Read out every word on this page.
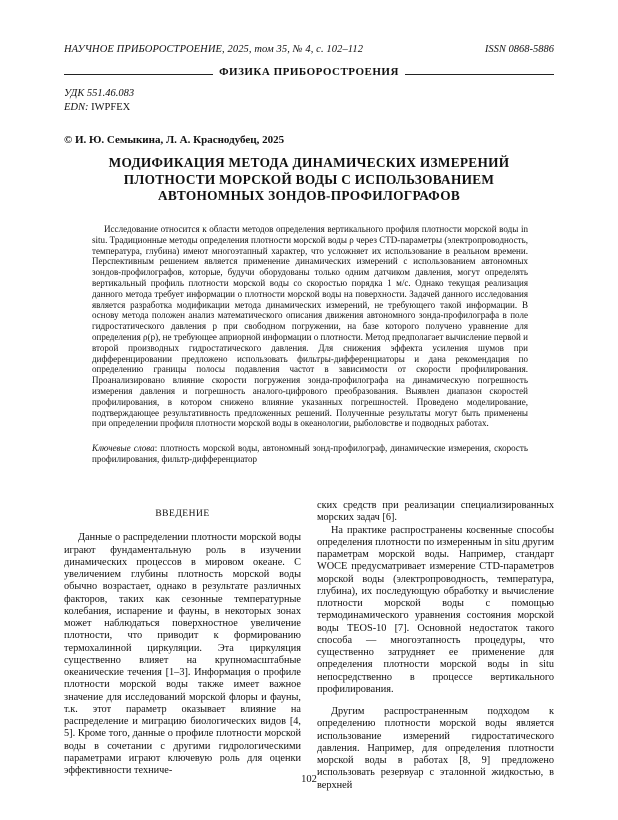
НАУЧНОЕ ПРИБОРОСТРОЕНИЕ, 2025, том 35, № 4, с. 102–112	ISSN 0868-5886
ФИЗИКА ПРИБОРОСТРОЕНИЯ
УДК 551.46.083
EDN: IWPFEX
© И. Ю. Семыкина, Л. А. Краснодубец, 2025
МОДИФИКАЦИЯ МЕТОДА ДИНАМИЧЕСКИХ ИЗМЕРЕНИЙ ПЛОТНОСТИ МОРСКОЙ ВОДЫ С ИСПОЛЬЗОВАНИЕМ АВТОНОМНЫХ ЗОНДОВ-ПРОФИЛОГРАФОВ
Исследование относится к области методов определения вертикального профиля плотности морской воды in situ. Традиционные методы определения плотности морской воды ρ через CTD-параметры (электропроводность, температура, глубина) имеют многоэтапный характер, что усложняет их использование в реальном времени. Перспективным решением является применение динамических измерений с использованием автономных зондов-профилографов, которые, будучи оборудованы только одним датчиком давления, могут определять вертикальный профиль плотности морской воды со скоростью порядка 1 м/с. Однако текущая реализация данного метода требует информации о плотности морской воды на поверхности. Задачей данного исследования является разработка модификации метода динамических измерений, не требующего такой информации. В основу метода положен анализ математического описания движения автономного зонда-профилографа в поле гидростатического давления p при свободном погружении, на базе которого получено уравнение для определения ρ(p), не требующее априорной информации о плотности. Метод предполагает вычисление первой и второй производных гидростатического давления. Для снижения эффекта усиления шумов при дифференцировании предложено использовать фильтры-дифференциаторы и дана рекомендация по определению границы полосы подавления частот в зависимости от скорости профилирования. Проанализировано влияние скорости погружения зонда-профилографа на динамическую погрешность измерения давления и погрешность аналого-цифрового преобразования. Выявлен диапазон скоростей профилирования, в котором снижено влияние указанных погрешностей. Проведено моделирование, подтверждающее результативность предложенных решений. Полученные результаты могут быть применены при определении профиля плотности морской воды в океанологии, рыболовстве и подводных работах.
Ключевые слова: плотность морской воды, автономный зонд-профилограф, динамические измерения, скорость профилирования, фильтр-дифференциатор
ВВЕДЕНИЕ

Данные о распределении плотности морской воды играют фундаментальную роль в изучении динамических процессов в мировом океане. С увеличением глубины плотность морской воды обычно возрастает, однако в результате различных факторов, таких как сезонные температурные колебания, испарение и фауны, в некоторых зонах может наблюдаться поверхностное увеличение плотности, что приводит к формированию термохалинной циркуляции. Эта циркуляция существенно влияет на крупномасштабные океанические течения [1–3]. Информация о профиле плотности морской воды также имеет важное значение для исследований морской флоры и фауны, т.к. этот параметр оказывает влияние на распределение и миграцию биологических видов [4, 5]. Кроме того, данные о профиле плотности морской воды в сочетании с другими гидрологическими параметрами играют ключевую роль для оценки эффективности техниче-

ских средств при реализации специализированных морских задач [6].

На практике распространены косвенные способы определения плотности по измеренным in situ другим параметрам морской воды. Например, стандарт WOCE предусматривает измерение CTD-параметров морской воды (электропроводность, температура, глубина), их последующую обработку и вычисление плотности морской воды с помощью термодинамического уравнения состояния морской воды TEOS-10 [7]. Основной недостаток такого способа — многоэтапность процедуры, что существенно затрудняет ее применение для определения плотности морской воды in situ непосредственно в процессе вертикального профилирования.

Другим распространенным подходом к определению плотности морской воды является использование измерений гидростатического давления. Например, для определения плотности морской воды в работах [8, 9] предложено использовать резервуар с эталонной жидкостью, в верхней

102
